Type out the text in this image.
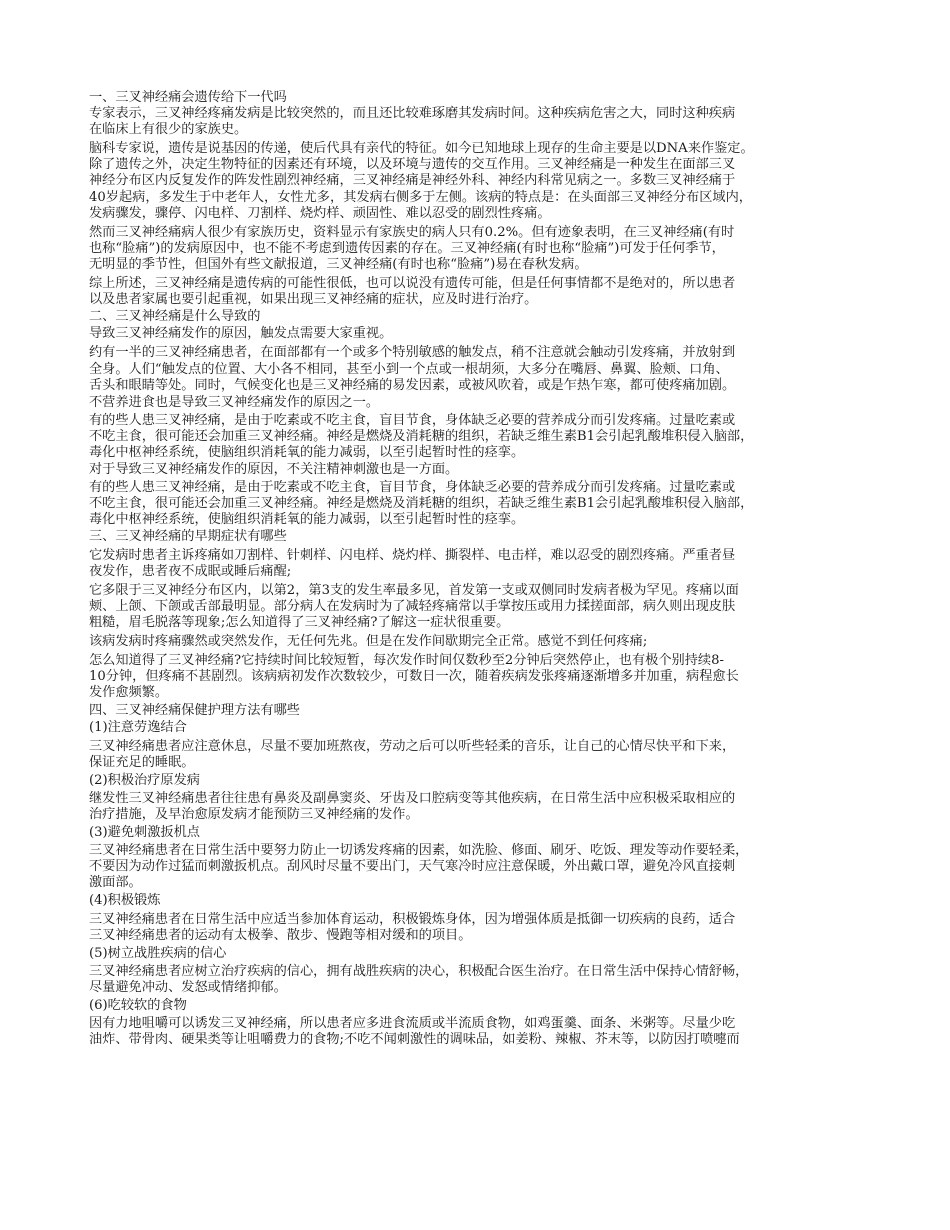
一、三叉神经痛会遗传给下一代吗

专家表示，三叉神经疼痛发病是比较突然的，而且还比较难琢磨其发病时间。这种疾病危害之大，同时这种疾病

在临床上有很少的家族史。

脑科专家说，遗传是说基因的传递，使后代具有亲代的特征。如今已知地球上现存的生命主要是以DNA来作鉴定。

除了遗传之外，决定生物特征的因素还有环境，以及环境与遗传的交互作用。三叉神经痛是一种发生在面部三叉

神经分布区内反复发作的阵发性剧烈神经痛，三叉神经痛是神经外科、神经内科常见病之一。多数三叉神经痛于

40岁起病，多发生于中老年人，女性尤多，其发病右侧多于左侧。该病的特点是：在头面部三叉神经分布区域内，

发病骤发，骤停、闪电样、刀割样、烧灼样、顽固性、难以忍受的剧烈性疼痛。

然而三叉神经痛病人很少有家族历史，资料显示有家族史的病人只有0.2%。但有迹象表明，在三叉神经痛(有时

也称“脸痛”)的发病原因中，也不能不考虑到遗传因素的存在。三叉神经痛(有时也称“脸痛”)可发于任何季节，

无明显的季节性，但国外有些文献报道，三叉神经痛(有时也称“脸痛”)易在春秋发病。

综上所述，三叉神经痛是遗传病的可能性很低，也可以说没有遗传可能，但是任何事情都不是绝对的，所以患者

以及患者家属也要引起重视，如果出现三叉神经痛的症状，应及时进行治疗。

二、三叉神经痛是什么导致的

导致三叉神经痛发作的原因，触发点需要大家重视。

约有一半的三叉神经痛患者，在面部都有一个或多个特别敏感的触发点，稍不注意就会触动引发疼痛，并放射到

全身。人们“触发点的位置、大小各不相同，甚至小到一个点或一根胡须，大多分在嘴唇、鼻翼、脸颊、口角、

舌头和眼睛等处。同时，气候变化也是三叉神经痛的易发因素，或被风吹着，或是乍热乍寒，都可使疼痛加剧。

不营养进食也是导致三叉神经痛发作的原因之一。

有的些人患三叉神经痛，是由于吃素或不吃主食，盲目节食，身体缺乏必要的营养成分而引发疼痛。过量吃素或

不吃主食，很可能还会加重三叉神经痛。神经是燃烧及消耗糖的组织，若缺乏维生素B1会引起乳酸堆积侵入脑部，

毒化中枢神经系统，使脑组织消耗氧的能力减弱，以至引起暂时性的痉挛。

对于导致三叉神经痛发作的原因，不关注精神刺激也是一方面。

有的些人患三叉神经痛，是由于吃素或不吃主食，盲目节食，身体缺乏必要的营养成分而引发疼痛。过量吃素或

不吃主食，很可能还会加重三叉神经痛。神经是燃烧及消耗糖的组织，若缺乏维生素B1会引起乳酸堆积侵入脑部，

毒化中枢神经系统，使脑组织消耗氧的能力减弱，以至引起暂时性的痉挛。

三、三叉神经痛的早期症状有哪些

它发病时患者主诉疼痛如刀割样、针刺样、闪电样、烧灼样、撕裂样、电击样，难以忍受的剧烈疼痛。严重者昼

夜发作，患者夜不成眠或睡后痛醒;

它多限于三叉神经分布区内，以第2，第3支的发生率最多见，首发第一支或双侧同时发病者极为罕见。疼痛以面

颊、上颌、下颌或舌部最明显。部分病人在发病时为了减轻疼痛常以手掌按压或用力揉搓面部，病久则出现皮肤

粗糙，眉毛脱落等现象;怎么知道得了三叉神经痛?了解这一症状很重要。

该病发病时疼痛骤然或突然发作，无任何先兆。但是在发作间歇期完全正常。感觉不到任何疼痛;

怎么知道得了三叉神经痛?它持续时间比较短暂，每次发作时间仅数秒至2分钟后突然停止，也有极个别持续8-

10分钟，但疼痛不甚剧烈。该病病初发作次数较少，可数日一次，随着疾病发张疼痛逐渐增多并加重，病程愈长

发作愈频繁。

四、三叉神经痛保健护理方法有哪些

(1)注意劳逸结合

三叉神经痛患者应注意休息，尽量不要加班熬夜，劳动之后可以听些轻柔的音乐，让自己的心情尽快平和下来，

保证充足的睡眠。

(2)积极治疗原发病

继发性三叉神经痛患者往往患有鼻炎及副鼻窦炎、牙齿及口腔病变等其他疾病，在日常生活中应积极采取相应的

治疗措施，及早治愈原发病才能预防三叉神经痛的发作。

(3)避免刺激扳机点

三叉神经痛患者在日常生活中要努力防止一切诱发疼痛的因素，如洗脸、修面、刷牙、吃饭、理发等动作要轻柔，

不要因为动作过猛而刺激扳机点。刮风时尽量不要出门，天气寒冷时应注意保暖，外出戴口罩，避免冷风直接刺

激面部。

(4)积极锻炼

三叉神经痛患者在日常生活中应适当参加体育运动，积极锻炼身体，因为增强体质是抵御一切疾病的良药，适合

三叉神经痛患者的运动有太极拳、散步、慢跑等相对缓和的项目。

(5)树立战胜疾病的信心

三叉神经痛患者应树立治疗疾病的信心，拥有战胜疾病的决心，积极配合医生治疗。在日常生活中保持心情舒畅，

尽量避免冲动、发怒或情绪抑郁。

(6)吃较软的食物

因有力地咀嚼可以诱发三叉神经痛，所以患者应多进食流质或半流质食物，如鸡蛋羹、面条、米粥等。尽量少吃

油炸、带骨肉、硬果类等让咀嚼费力的食物;不吃不闻刺激性的调味品，如姜粉、辣椒、芥末等，以防因打喷嚏而
